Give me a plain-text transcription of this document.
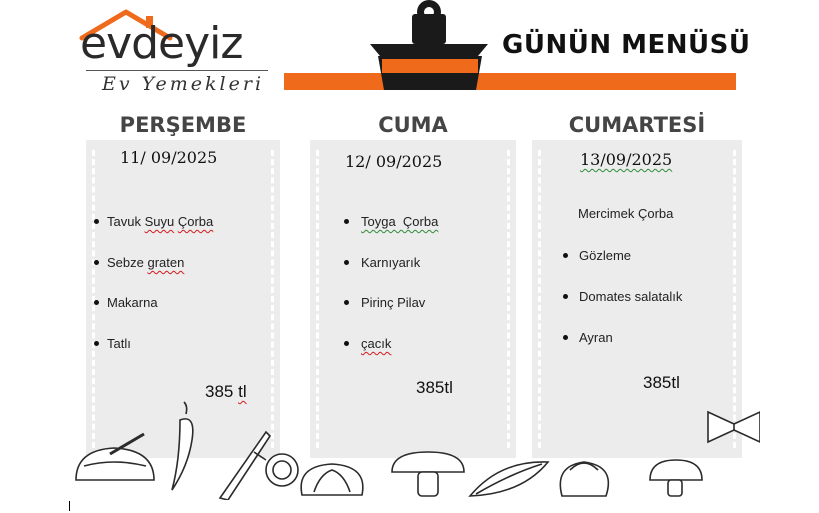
evdeyiz
Ev Yemekleri
GÜNÜN MENÜSÜ
PERŞEMBE	CUMA	CUMARTESİ
11/ 09/2025
Tavuk Suyu Çorba
Sebze graten
Makarna
Tatlı
385 tl
12/ 09/2025
Toyga  Çorba
Karnıyarık
Pirinç Pilav
çacık
385tl
13/09/2025
Mercimek Çorba
Gözleme
Domates salatalık
Ayran
385tl
